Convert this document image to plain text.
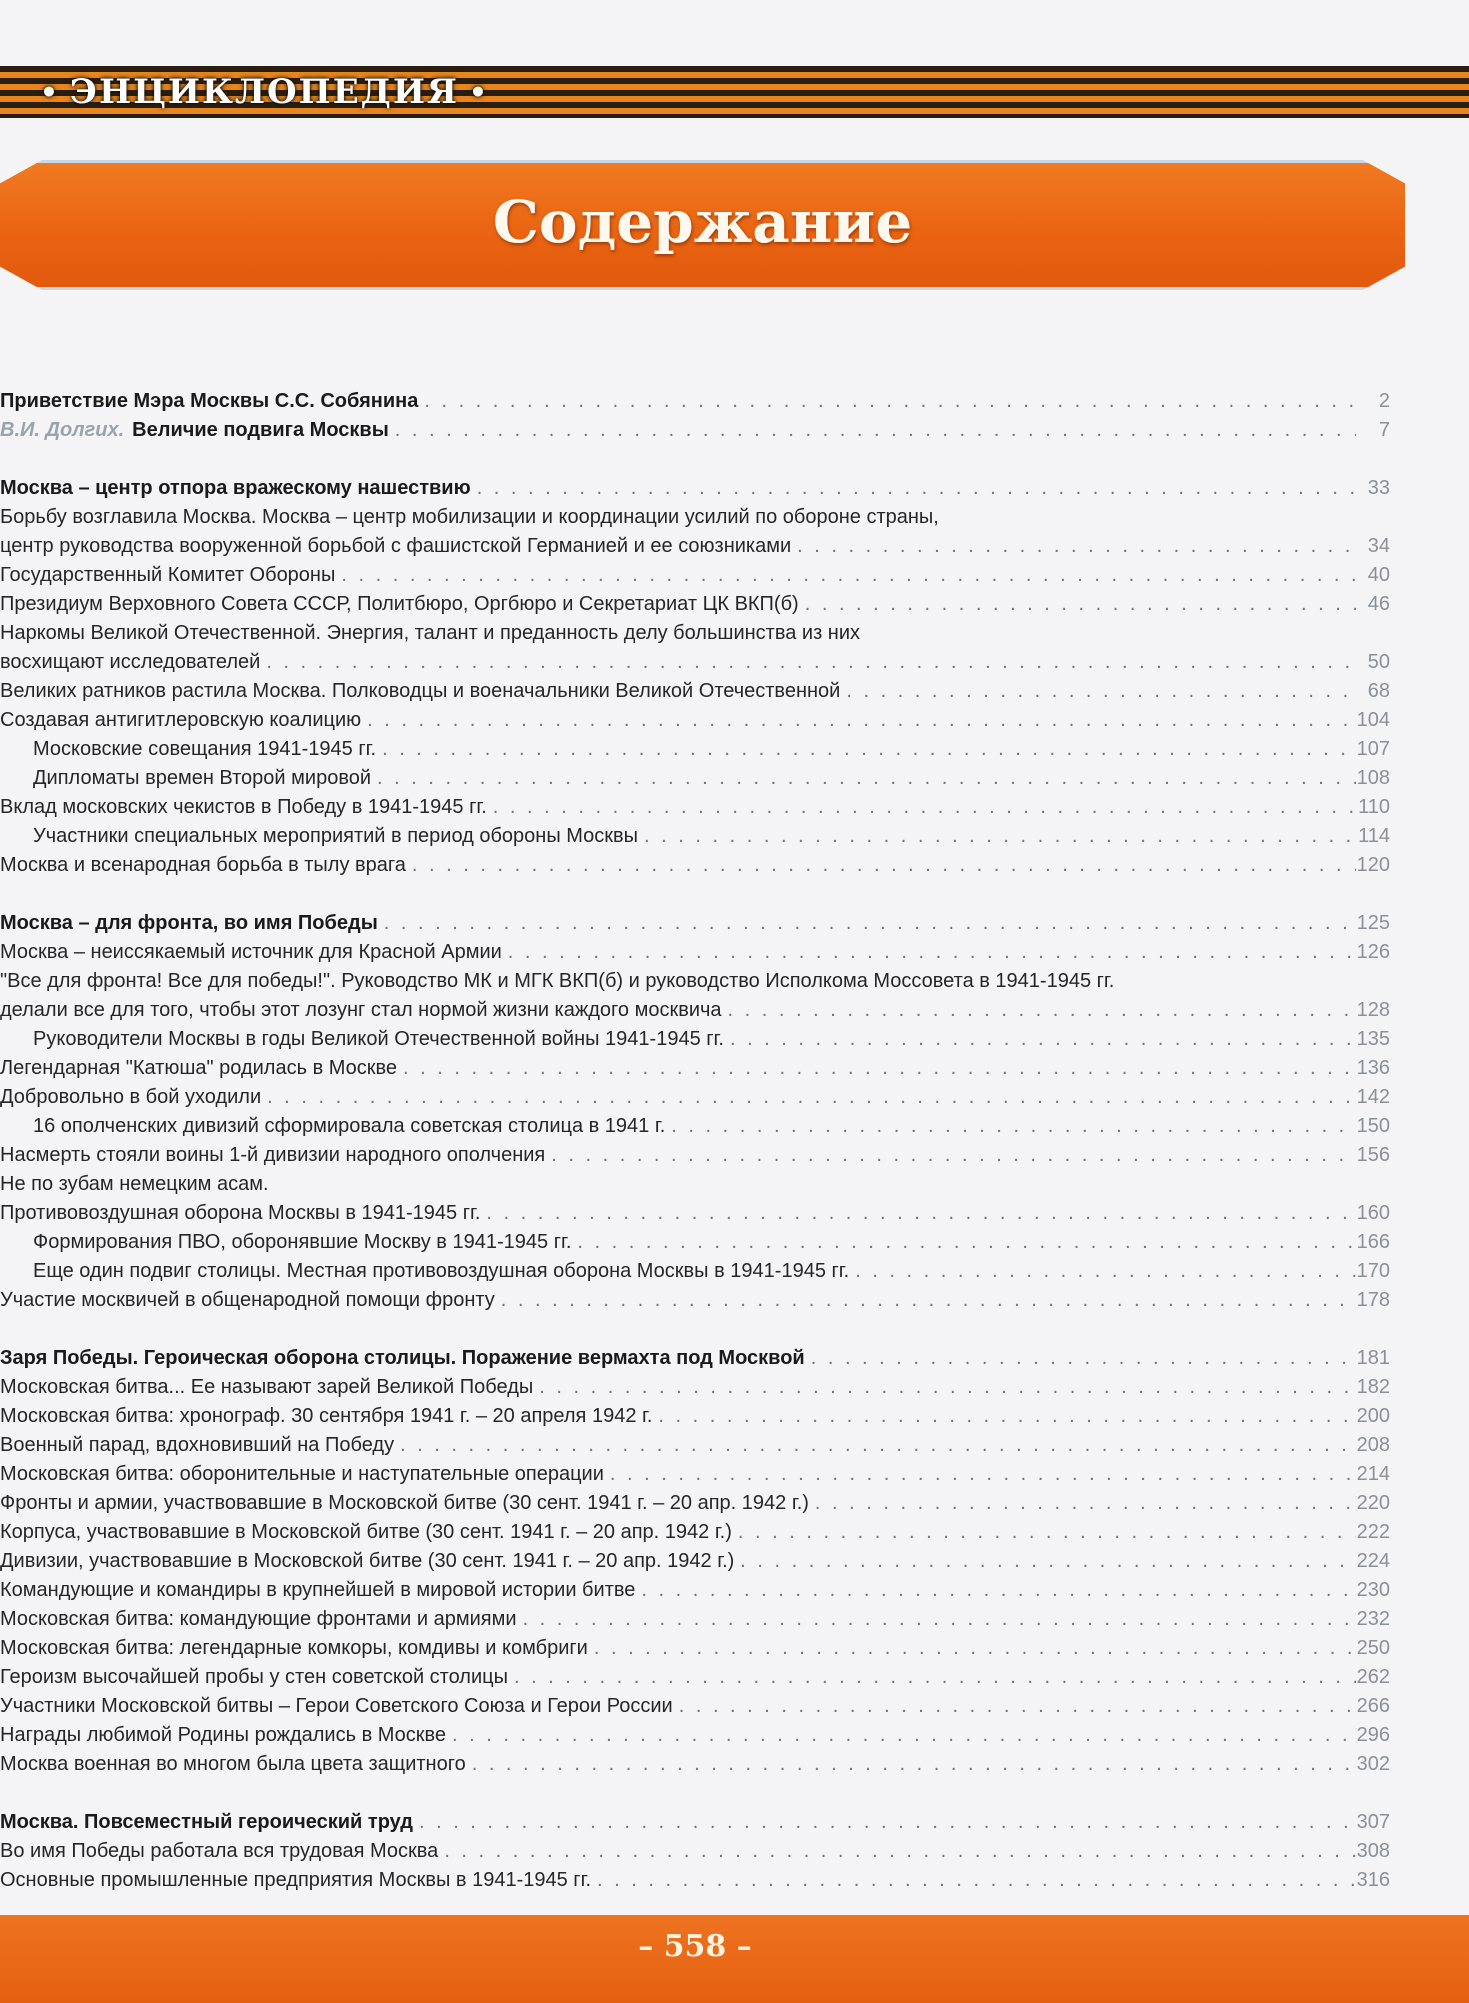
• ЭНЦИКЛОПЕДИЯ •
Содержание
Приветствие Мэра Москвы С.С. Собянина . . .	2
В.И. Долгих. Величие подвига Москвы . . .	7
Москва – центр отпора вражескому нашествию . . .	33
Борьбу возглавила Москва. Москва – центр мобилизации и координации усилий по обороне страны,
центр руководства вооруженной борьбой с фашистской Германией и ее союзниками . . .	34
Государственный Комитет Обороны . . .	40
Президиум Верховного Совета СССР, Политбюро, Оргбюро и Секретариат ЦК ВКП(б) . . .	46
Наркомы Великой Отечественной. Энергия, талант и преданность делу большинства из них
восхищают исследователей . . .	50
Великих ратников растила Москва. Полководцы и военачальники Великой Отечественной . . .	68
Создавая антигитлеровскую коалицию . . .	104
Московские совещания 1941-1945 гг. . . .	107
Дипломаты времен Второй мировой . . .	108
Вклад московских чекистов в Победу в 1941-1945 гг. . . .	110
Участники специальных мероприятий в период обороны Москвы . . .	114
Москва и всенародная борьба в тылу врага . . .	120
Москва – для фронта, во имя Победы . . .	125
Москва – неиссякаемый источник для Красной Армии . . .	126
"Все для фронта! Все для победы!". Руководство МК и МГК ВКП(б) и руководство Исполкома Моссовета в 1941-1945 гг.
делали все для того, чтобы этот лозунг стал нормой жизни каждого москвича . . .	128
Руководители Москвы в годы Великой Отечественной войны 1941-1945 гг. . . .	135
Легендарная "Катюша" родилась в Москве . . .	136
Добровольно в бой уходили . . .	142
16 ополченских дивизий сформировала советская столица в 1941 г. . . .	150
Насмерть стояли воины 1-й дивизии народного ополчения . . .	156
Не по зубам немецким асам.
Противовоздушная оборона Москвы в 1941-1945 гг. . . .	160
Формирования ПВО, оборонявшие Москву в 1941-1945 гг. . . .	166
Еще один подвиг столицы. Местная противовоздушная оборона Москвы в 1941-1945 гг. . . .	170
Участие москвичей в общенародной помощи фронту . . .	178
Заря Победы. Героическая оборона столицы. Поражение вермахта под Москвой . . .	181
Московская битва... Ее называют зарей Великой Победы . . .	182
Московская битва: хронограф. 30 сентября 1941 г. – 20 апреля 1942 г. . . .	200
Военный парад, вдохновивший на Победу . . .	208
Московская битва: оборонительные и наступательные операции . . .	214
Фронты и армии, участвовавшие в Московской битве (30 сент. 1941 г. – 20 апр. 1942 г.) . . .	220
Корпуса, участвовавшие в Московской битве (30 сент. 1941 г. – 20 апр. 1942 г.) . . .	222
Дивизии, участвовавшие в Московской битве (30 сент. 1941 г. – 20 апр. 1942 г.) . . .	224
Командующие и командиры в крупнейшей в мировой истории битве . . .	230
Московская битва: командующие фронтами и армиями . . .	232
Московская битва: легендарные комкоры, комдивы и комбриги . . .	250
Героизм высочайшей пробы у стен советской столицы . . .	262
Участники Московской битвы – Герои Советского Союза и Герои России . . .	266
Награды любимой Родины рождались в Москве . . .	296
Москва военная во многом была цвета защитного . . .	302
Москва. Повсеместный героический труд . . .	307
Во имя Победы работала вся трудовая Москва . . .	308
Основные промышленные предприятия Москвы в 1941-1945 гг. . . .	316
– 558 –
